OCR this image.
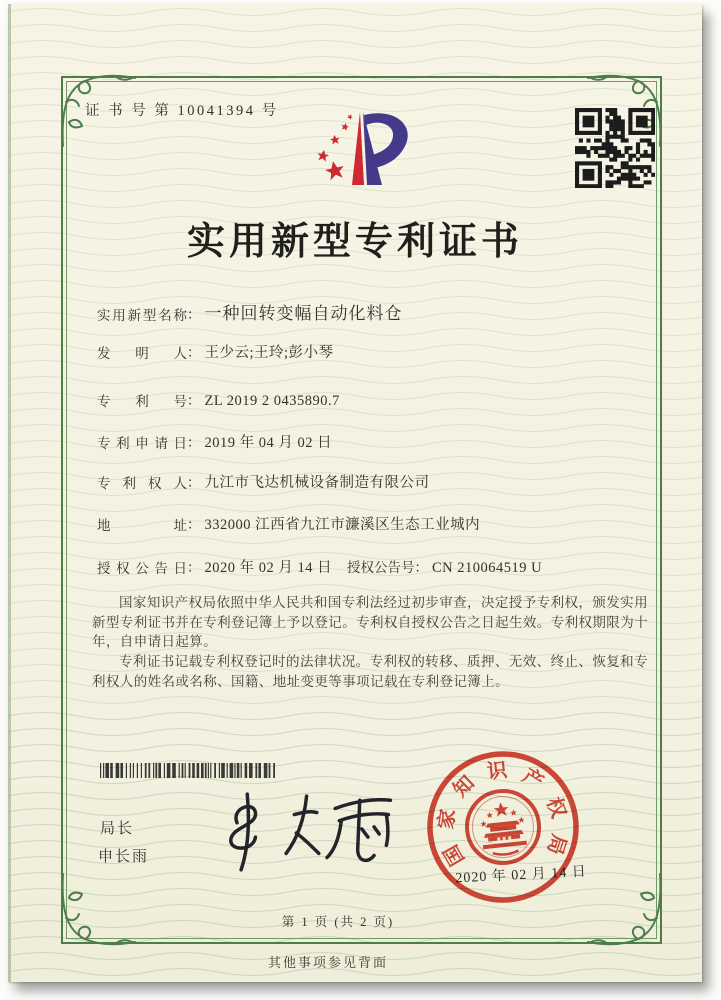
证 书 号 第 10041394 号
实用新型专利证书
实用新型名称： 一种回转变幅自动化料仓
发明人： 王少云;王玲;彭小琴
专利号： ZL 2019 2 0435890.7
专利申请日： 2019 年 04 月 02 日
专利权人： 九江市飞达机械设备制造有限公司
地址： 332000 江西省九江市濂溪区生态工业城内
授权公告日： 2020 年 02 月 14 日 授权公告号： CN 210064519 U

国家知识产权局依照中华人民共和国专利法经过初步审查，决定授予专利权，颁发实用新型专利证书并在专利登记簿上予以登记。专利权自授权公告之日起生效。专利权期限为十年，自申请日起算。

专利证书记载专利权登记时的法律状况。专利权的转移、质押、无效、终止、恢复和专利权人的姓名或名称、国籍、地址变更等事项记载在专利登记簿上。

国
家
知
识 产
权
局
2020 年 02 月 14 日
局长
申长雨
第 1 页 (共 2 页)
其他事项参见背面
